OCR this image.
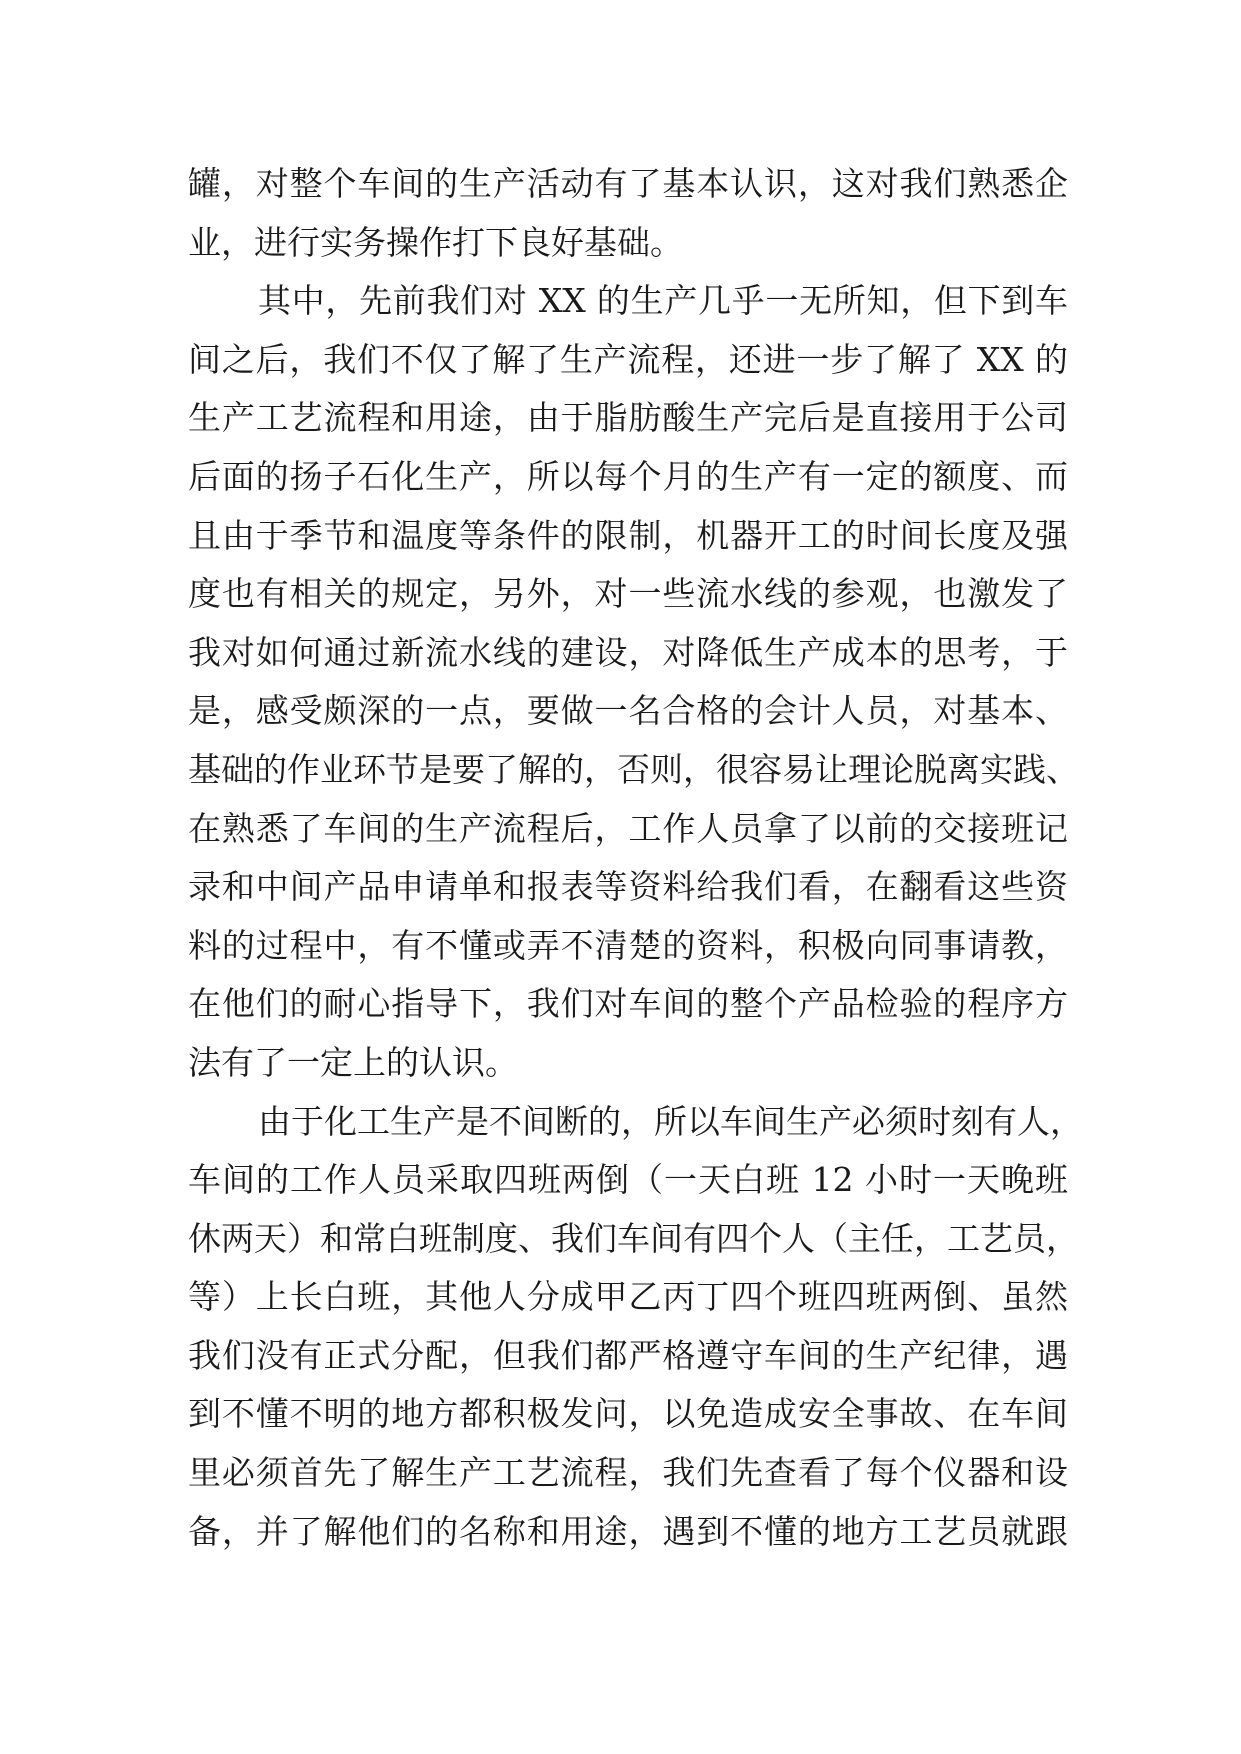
罐，对整个车间的生产活动有了基本认识，这对我们熟悉企
业，进行实务操作打下良好基础。
其中，先前我们对 XX 的生产几乎一无所知，但下到车
间之后，我们不仅了解了生产流程，还进一步了解了 XX 的
生产工艺流程和用途，由于脂肪酸生产完后是直接用于公司
后面的扬子石化生产，所以每个月的生产有一定的额度、而
且由于季节和温度等条件的限制，机器开工的时间长度及强
度也有相关的规定，另外，对一些流水线的参观，也激发了
我对如何通过新流水线的建设，对降低生产成本的思考，于
是，感受颇深的一点，要做一名合格的会计人员，对基本、
基础的作业环节是要了解的，否则，很容易让理论脱离实践、
在熟悉了车间的生产流程后，工作人员拿了以前的交接班记
录和中间产品申请单和报表等资料给我们看，在翻看这些资
料的过程中，有不懂或弄不清楚的资料，积极向同事请教，
在他们的耐心指导下，我们对车间的整个产品检验的程序方
法有了一定上的认识。
由于化工生产是不间断的，所以车间生产必须时刻有人，
车间的工作人员采取四班两倒（一天白班 12 小时一天晚班
休两天）和常白班制度、我们车间有四个人（主任，工艺员，
等）上长白班，其他人分成甲乙丙丁四个班四班两倒、虽然
我们没有正式分配，但我们都严格遵守车间的生产纪律，遇
到不懂不明的地方都积极发问，以免造成安全事故、在车间
里必须首先了解生产工艺流程，我们先查看了每个仪器和设
备，并了解他们的名称和用途，遇到不懂的地方工艺员就跟
